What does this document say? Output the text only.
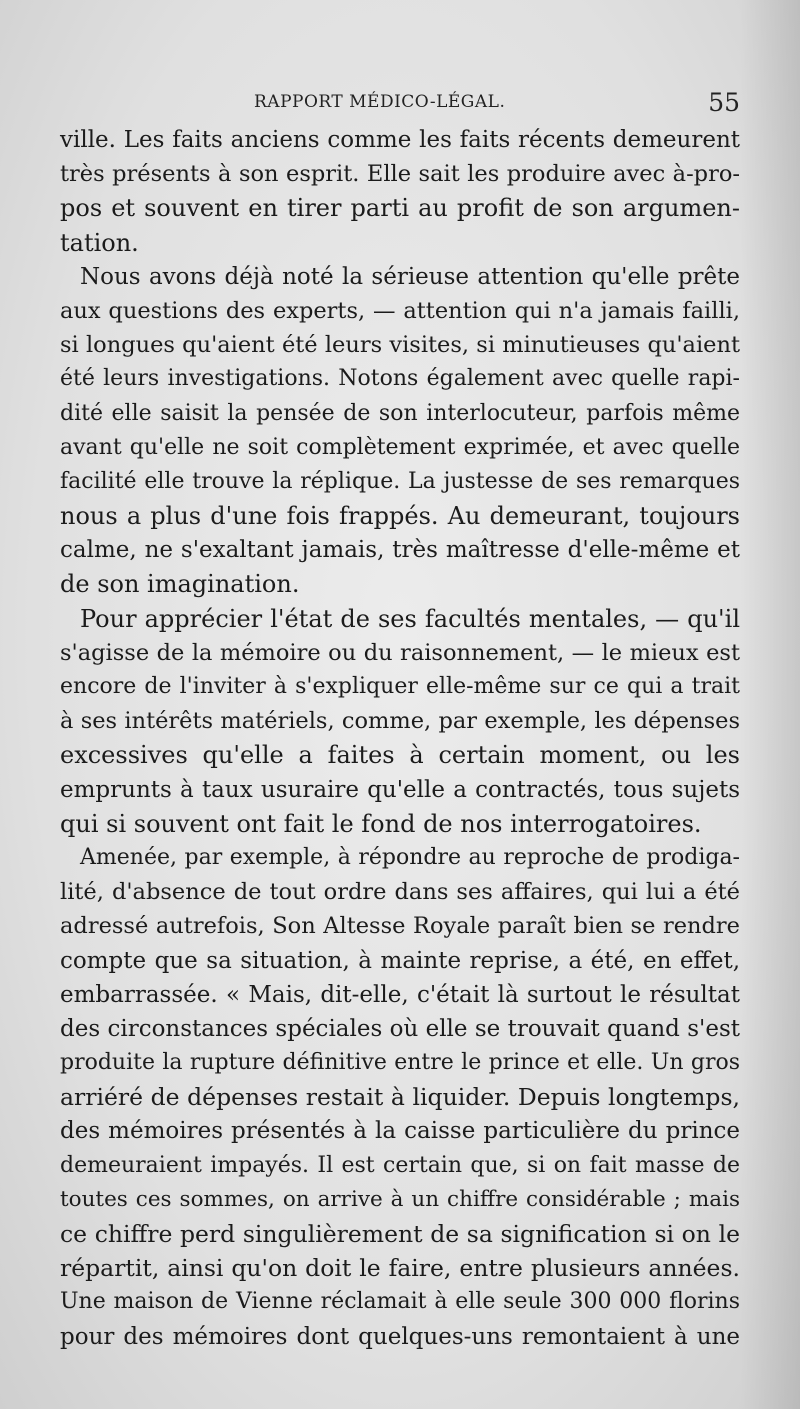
RAPPORT MÉDICO-LÉGAL.	55
ville. Les faits anciens comme les faits récents demeurent
très présents à son esprit. Elle sait les produire avec à-pro-
pos et souvent en tirer parti au profit de son argumen-
tation.
Nous avons déjà noté la sérieuse attention qu'elle prête
aux questions des experts, — attention qui n'a jamais failli,
si longues qu'aient été leurs visites, si minutieuses qu'aient
été leurs investigations. Notons également avec quelle rapi-
dité elle saisit la pensée de son interlocuteur, parfois même
avant qu'elle ne soit complètement exprimée, et avec quelle
facilité elle trouve la réplique. La justesse de ses remarques
nous a plus d'une fois frappés. Au demeurant, toujours
calme, ne s'exaltant jamais, très maîtresse d'elle-même et
de son imagination.
Pour apprécier l'état de ses facultés mentales, — qu'il
s'agisse de la mémoire ou du raisonnement, — le mieux est
encore de l'inviter à s'expliquer elle-même sur ce qui a trait
à ses intérêts matériels, comme, par exemple, les dépenses
excessives qu'elle a faites à certain moment, ou les
emprunts à taux usuraire qu'elle a contractés, tous sujets
qui si souvent ont fait le fond de nos interrogatoires.
Amenée, par exemple, à répondre au reproche de prodiga-
lité, d'absence de tout ordre dans ses affaires, qui lui a été
adressé autrefois, Son Altesse Royale paraît bien se rendre
compte que sa situation, à mainte reprise, a été, en effet,
embarrassée. « Mais, dit-elle, c'était là surtout le résultat
des circonstances spéciales où elle se trouvait quand s'est
produite la rupture définitive entre le prince et elle. Un gros
arriéré de dépenses restait à liquider. Depuis longtemps,
des mémoires présentés à la caisse particulière du prince
demeuraient impayés. Il est certain que, si on fait masse de
toutes ces sommes, on arrive à un chiffre considérable ; mais
ce chiffre perd singulièrement de sa signification si on le
répartit, ainsi qu'on doit le faire, entre plusieurs années.
Une maison de Vienne réclamait à elle seule 300 000 florins
pour des mémoires dont quelques-uns remontaient à une
